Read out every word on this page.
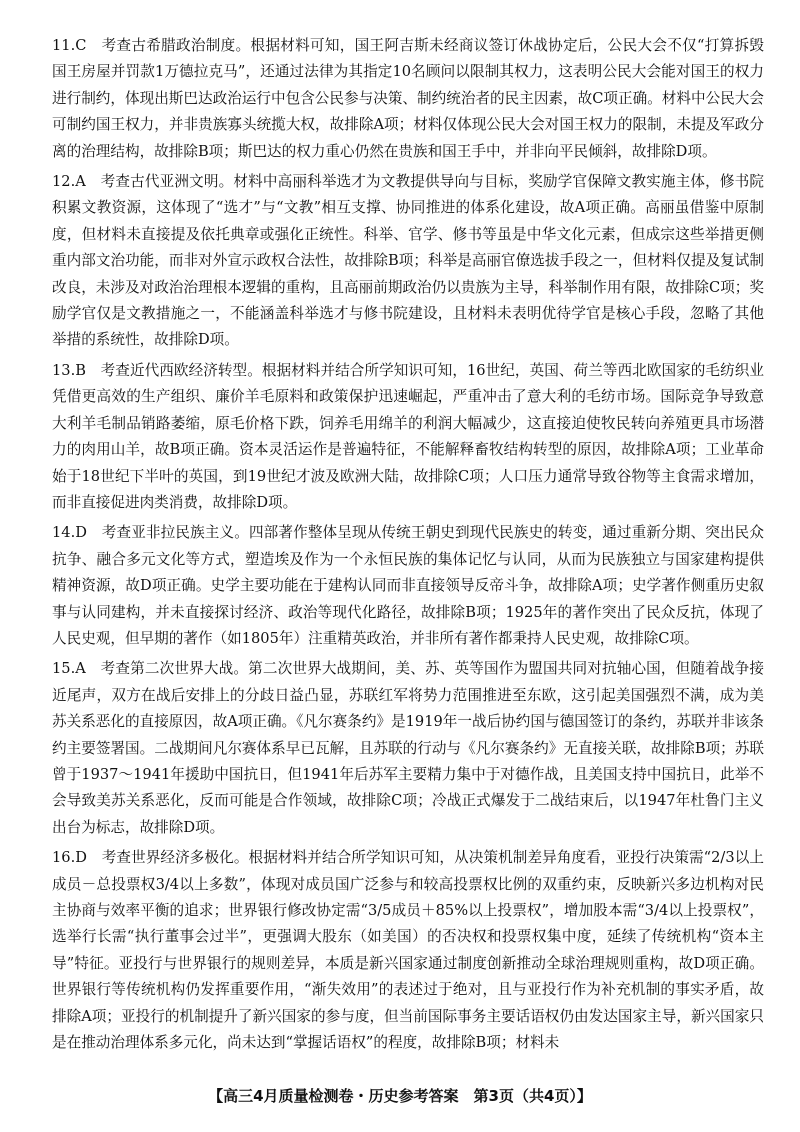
11.C　 考查古希腊政治制度。根据材料可知，国王阿吉斯未经商议签订休战协定后，公民大会不仅“打算拆毁国王房屋并罚款1万德拉克马”，还通过法律为其指定10名顾问以限制其权力，这表明公民大会能对国王的权力进行制约，体现出斯巴达政治运行中包含公民参与决策、制约统治者的民主因素，故C项正确。材料中公民大会可制约国王权力，并非贵族寡头统揽大权，故排除A项；材料仅体现公民大会对国王权力的限制，未提及军政分离的治理结构，故排除B项；斯巴达的权力重心仍然在贵族和国王手中，并非向平民倾斜，故排除D项。

12.A　 考查古代亚洲文明。材料中高丽科举选才为文教提供导向与目标，奖励学官保障文教实施主体，修书院积累文教资源，这体现了“选才”与“文教”相互支撑、协同推进的体系化建设，故A项正确。高丽虽借鉴中原制度，但材料未直接提及依托典章或强化正统性。科举、官学、修书等虽是中华文化元素，但成宗这些举措更侧重内部文治功能，而非对外宣示政权合法性，故排除B项；科举是高丽官僚选拔手段之一，但材料仅提及复试制改良，未涉及对政治治理根本逻辑的重构，且高丽前期政治仍以贵族为主导，科举制作用有限，故排除C项；奖励学官仅是文教措施之一，不能涵盖科举选才与修书院建设，且材料未表明优待学官是核心手段，忽略了其他举措的系统性，故排除D项。

13.B　 考查近代西欧经济转型。根据材料并结合所学知识可知，16世纪，英国、荷兰等西北欧国家的毛纺织业凭借更高效的生产组织、廉价羊毛原料和政策保护迅速崛起，严重冲击了意大利的毛纺市场。国际竞争导致意大利羊毛制品销路萎缩，原毛价格下跌，饲养毛用绵羊的利润大幅减少，这直接迫使牧民转向养殖更具市场潜力的肉用山羊，故B项正确。资本灵活运作是普遍特征，不能解释畜牧结构转型的原因，故排除A项；工业革命始于18世纪下半叶的英国，到19世纪才波及欧洲大陆，故排除C项；人口压力通常导致谷物等主食需求增加，而非直接促进肉类消费，故排除D项。

14.D　 考查亚非拉民族主义。四部著作整体呈现从传统王朝史到现代民族史的转变，通过重新分期、突出民众抗争、融合多元文化等方式，塑造埃及作为一个永恒民族的集体记忆与认同，从而为民族独立与国家建构提供精神资源，故D项正确。史学主要功能在于建构认同而非直接领导反帝斗争，故排除A项；史学著作侧重历史叙事与认同建构，并未直接探讨经济、政治等现代化路径，故排除B项；1925年的著作突出了民众反抗，体现了人民史观，但早期的著作（如1805年）注重精英政治，并非所有著作都秉持人民史观，故排除C项。

15.A　 考查第二次世界大战。第二次世界大战期间，美、苏、英等国作为盟国共同对抗轴心国，但随着战争接近尾声，双方在战后安排上的分歧日益凸显，苏联红军将势力范围推进至东欧，这引起美国强烈不满，成为美苏关系恶化的直接原因，故A项正确。《凡尔赛条约》是1919年一战后协约国与德国签订的条约，苏联并非该条约主要签署国。二战期间凡尔赛体系早已瓦解，且苏联的行动与《凡尔赛条约》无直接关联，故排除B项；苏联曾于1937～1941年援助中国抗日，但1941年后苏军主要精力集中于对德作战，且美国支持中国抗日，此举不会导致美苏关系恶化，反而可能是合作领域，故排除C项；冷战正式爆发于二战结束后，以1947年杜鲁门主义出台为标志，故排除D项。

16.D　 考查世界经济多极化。根据材料并结合所学知识可知，从决策机制差异角度看，亚投行决策需“2/3以上成员－总投票权3/4以上多数”，体现对成员国广泛参与和较高投票权比例的双重约束，反映新兴多边机构对民主协商与效率平衡的追求；世界银行修改协定需“3/5成员＋85%以上投票权”，增加股本需“3/4以上投票权”，选举行长需“执行董事会过半”，更强调大股东（如美国）的否决权和投票权集中度，延续了传统机构“资本主导”特征。亚投行与世界银行的规则差异，本质是新兴国家通过制度创新推动全球治理规则重构，故D项正确。世界银行等传统机构仍发挥重要作用，“渐失效用”的表述过于绝对，且与亚投行作为补充机制的事实矛盾，故排除A项；亚投行的机制提升了新兴国家的参与度，但当前国际事务主要话语权仍由发达国家主导，新兴国家只是在推动治理体系多元化，尚未达到“掌握话语权”的程度，故排除B项；材料未

【高三4月质量检测卷・历史参考答案　第3页（共4页）】
